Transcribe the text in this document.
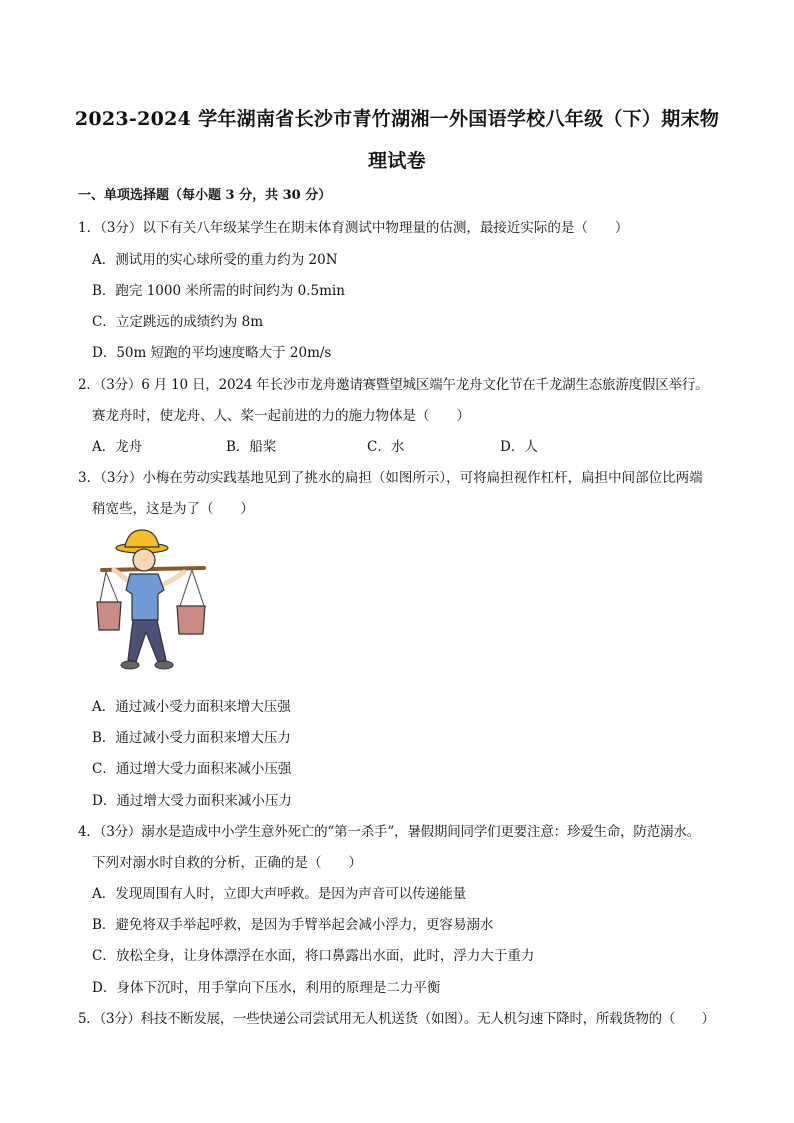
2023-2024 学年湖南省长沙市青竹湖湘一外国语学校八年级（下）期末物
理试卷
一、单项选择题（每小题 3 分，共 30 分）
1．（3分）以下有关八年级某学生在期末体育测试中物理量的估测，最接近实际的是（　　）
A．测试用的实心球所受的重力约为 20N
B．跑完 1000 米所需的时间约为 0.5min
C．立定跳远的成绩约为 8m
D．50m 短跑的平均速度略大于 20m/s
2．（3分）6 月 10 日，2024 年长沙市龙舟邀请赛暨望城区端午龙舟文化节在千龙湖生态旅游度假区举行。
赛龙舟时，使龙舟、人、桨一起前进的力的施力物体是（　　）
A．龙舟	B．船桨	C．水	D．人
3．（3分）小梅在劳动实践基地见到了挑水的扁担（如图所示），可将扁担视作杠杆，扁担中间部位比两端
稍宽些，这是为了（　　）
A．通过减小受力面积来增大压强
B．通过减小受力面积来增大压力
C．通过增大受力面积来减小压强
D．通过增大受力面积来减小压力
4．（3分）溺水是造成中小学生意外死亡的“第一杀手”，暑假期间同学们更要注意：珍爱生命，防范溺水。
下列对溺水时自救的分析，正确的是（　　）
A．发现周围有人时，立即大声呼救。是因为声音可以传递能量
B．避免将双手举起呼救，是因为手臂举起会减小浮力，更容易溺水
C．放松全身，让身体漂浮在水面，将口鼻露出水面，此时，浮力大于重力
D．身体下沉时，用手掌向下压水，利用的原理是二力平衡
5．（3分）科技不断发展，一些快递公司尝试用无人机送货（如图）。无人机匀速下降时，所载货物的（　　）
